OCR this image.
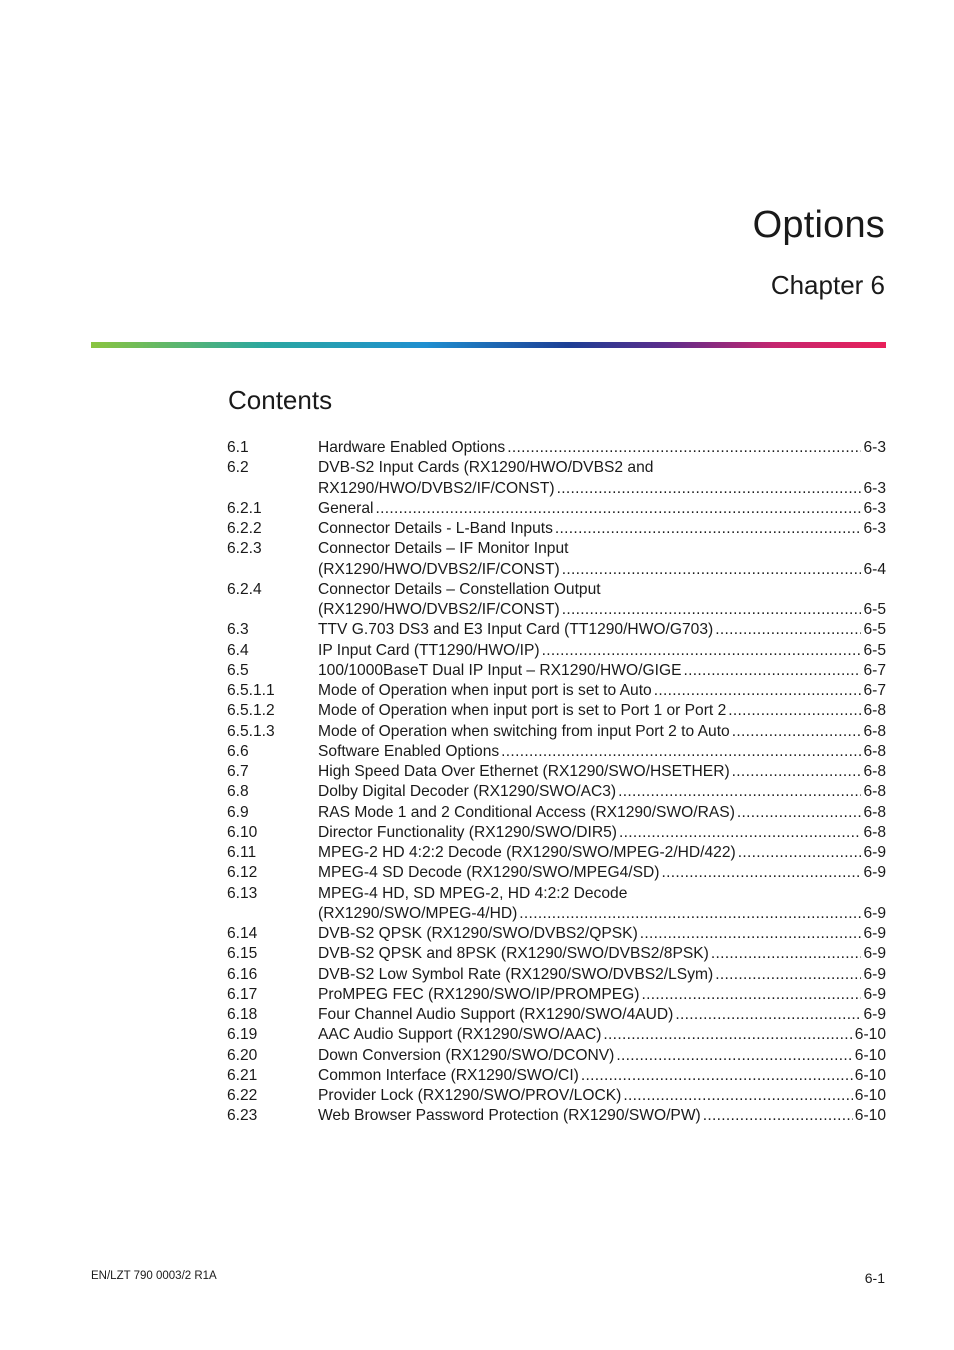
Options
Chapter 6
Contents
6.1	Hardware Enabled Options .....	6-3
6.2	DVB-S2 Input Cards (RX1290/HWO/DVBS2 and
RX1290/HWO/DVBS2/IF/CONST) .....	6-3
6.2.1	General .....	6-3
6.2.2	Connector Details - L-Band Inputs .....	6-3
6.2.3	Connector Details – IF Monitor Input
(RX1290/HWO/DVBS2/IF/CONST) .....	6-4
6.2.4	Connector Details – Constellation Output
(RX1290/HWO/DVBS2/IF/CONST) .....	6-5
6.3	TTV G.703 DS3 and E3 Input Card (TT1290/HWO/G703) .....	6-5
6.4	IP Input Card (TT1290/HWO/IP) .....	6-5
6.5	100/1000BaseT Dual IP Input – RX1290/HWO/GIGE .....	6-7
6.5.1.1	Mode of Operation when input port is set to Auto .....	6-7
6.5.1.2	Mode of Operation when input port is set to Port 1 or Port 2 .....	6-8
6.5.1.3	Mode of Operation when switching from input Port 2 to Auto .....	6-8
6.6	Software Enabled Options .....	6-8
6.7	High Speed Data Over Ethernet (RX1290/SWO/HSETHER) .....	6-8
6.8	Dolby Digital Decoder (RX1290/SWO/AC3) .....	6-8
6.9	RAS Mode 1 and 2 Conditional Access (RX1290/SWO/RAS) .....	6-8
6.10	Director Functionality (RX1290/SWO/DIR5) .....	6-8
6.11	MPEG-2 HD 4:2:2 Decode (RX1290/SWO/MPEG-2/HD/422) .....	6-9
6.12	MPEG-4 SD Decode (RX1290/SWO/MPEG4/SD) .....	6-9
6.13	MPEG-4 HD, SD MPEG-2, HD 4:2:2 Decode
(RX1290/SWO/MPEG-4/HD) .....	6-9
6.14	DVB-S2 QPSK (RX1290/SWO/DVBS2/QPSK) .....	6-9
6.15	DVB-S2 QPSK and 8PSK (RX1290/SWO/DVBS2/8PSK) .....	6-9
6.16	DVB-S2 Low Symbol Rate (RX1290/SWO/DVBS2/LSym) .....	6-9
6.17	ProMPEG FEC (RX1290/SWO/IP/PROMPEG) .....	6-9
6.18	Four Channel Audio Support (RX1290/SWO/4AUD) .....	6-9
6.19	AAC Audio Support (RX1290/SWO/AAC) .....	6-10
6.20	Down Conversion (RX1290/SWO/DCONV) .....	6-10
6.21	Common Interface (RX1290/SWO/CI) .....	6-10
6.22	Provider Lock (RX1290/SWO/PROV/LOCK) .....	6-10
6.23	Web Browser Password Protection (RX1290/SWO/PW) .....	6-10
EN/LZT 790 0003/2 R1A	6-1
